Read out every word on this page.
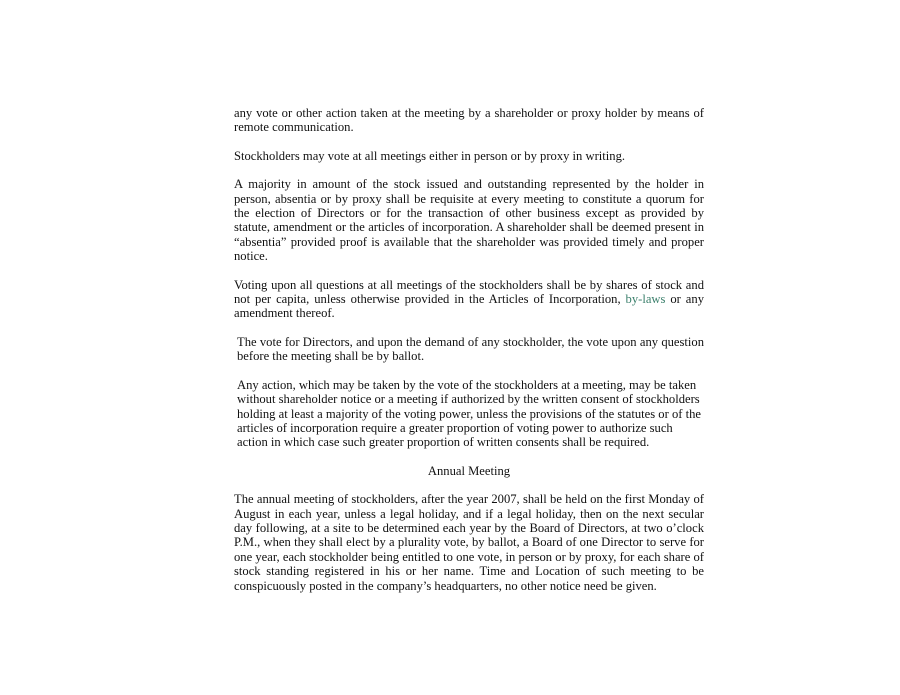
any vote or other action taken at the meeting by a shareholder or proxy holder by means of remote communication.

Stockholders may vote at all meetings either in person or by proxy in writing.

A majority in amount of the stock issued and outstanding represented by the holder in person, absentia or by proxy shall be requisite at every meeting to constitute a quorum for the election of Directors or for the transaction of other business except as provided by statute, amendment or the articles of incorporation. A shareholder shall be deemed present in “absentia” provided proof is available that the shareholder was provided timely and proper notice.

Voting upon all questions at all meetings of the stockholders shall be by shares of stock and not per capita, unless otherwise provided in the Articles of Incorporation, by-laws or any amendment thereof.

The vote for Directors, and upon the demand of any stockholder, the vote upon any question before the meeting shall be by ballot.

Any action, which may be taken by the vote of the stockholders at a meeting, may be taken without shareholder notice or a meeting if authorized by the written consent of stockholders holding at least a majority of the voting power, unless the provisions of the statutes or of the articles of incorporation require a greater proportion of voting power to authorize such action in which case such greater proportion of written consents shall be required.

Annual Meeting

The annual meeting of stockholders, after the year 2007, shall be held on the first Monday of August in each year, unless a legal holiday, and if a legal holiday, then on the next secular day following, at a site to be determined each year by the Board of Directors, at two o’clock P.M., when they shall elect by a plurality vote, by ballot, a Board of one Director to serve for one year, each stockholder being entitled to one vote, in person or by proxy, for each share of stock standing registered in his or her name. Time and Location of such meeting to be conspicuously posted in the company’s headquarters, no other notice need be given.
